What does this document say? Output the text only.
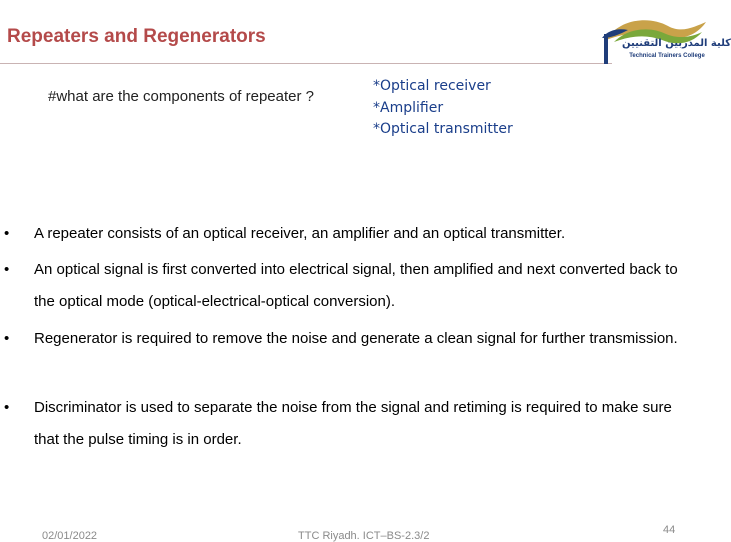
Repeaters and Regenerators	كلية المدربين التقنيين
Technical Trainers College
#what are the components of repeater ?
*Optical receiver
*Amplifier
*Optical transmitter
• A repeater consists of an optical receiver, an amplifier and an optical transmitter.
• An optical signal is first converted into electrical signal, then amplified and next converted back to the optical mode (optical-electrical-optical conversion).
• Regenerator is required to remove the noise and generate a clean signal for further transmission.
• Discriminator is used to separate the noise from the signal and retiming is required to make sure that the pulse timing is in order.
02/01/2022	TTC Riyadh. ICT–BS-2.3/2	44
